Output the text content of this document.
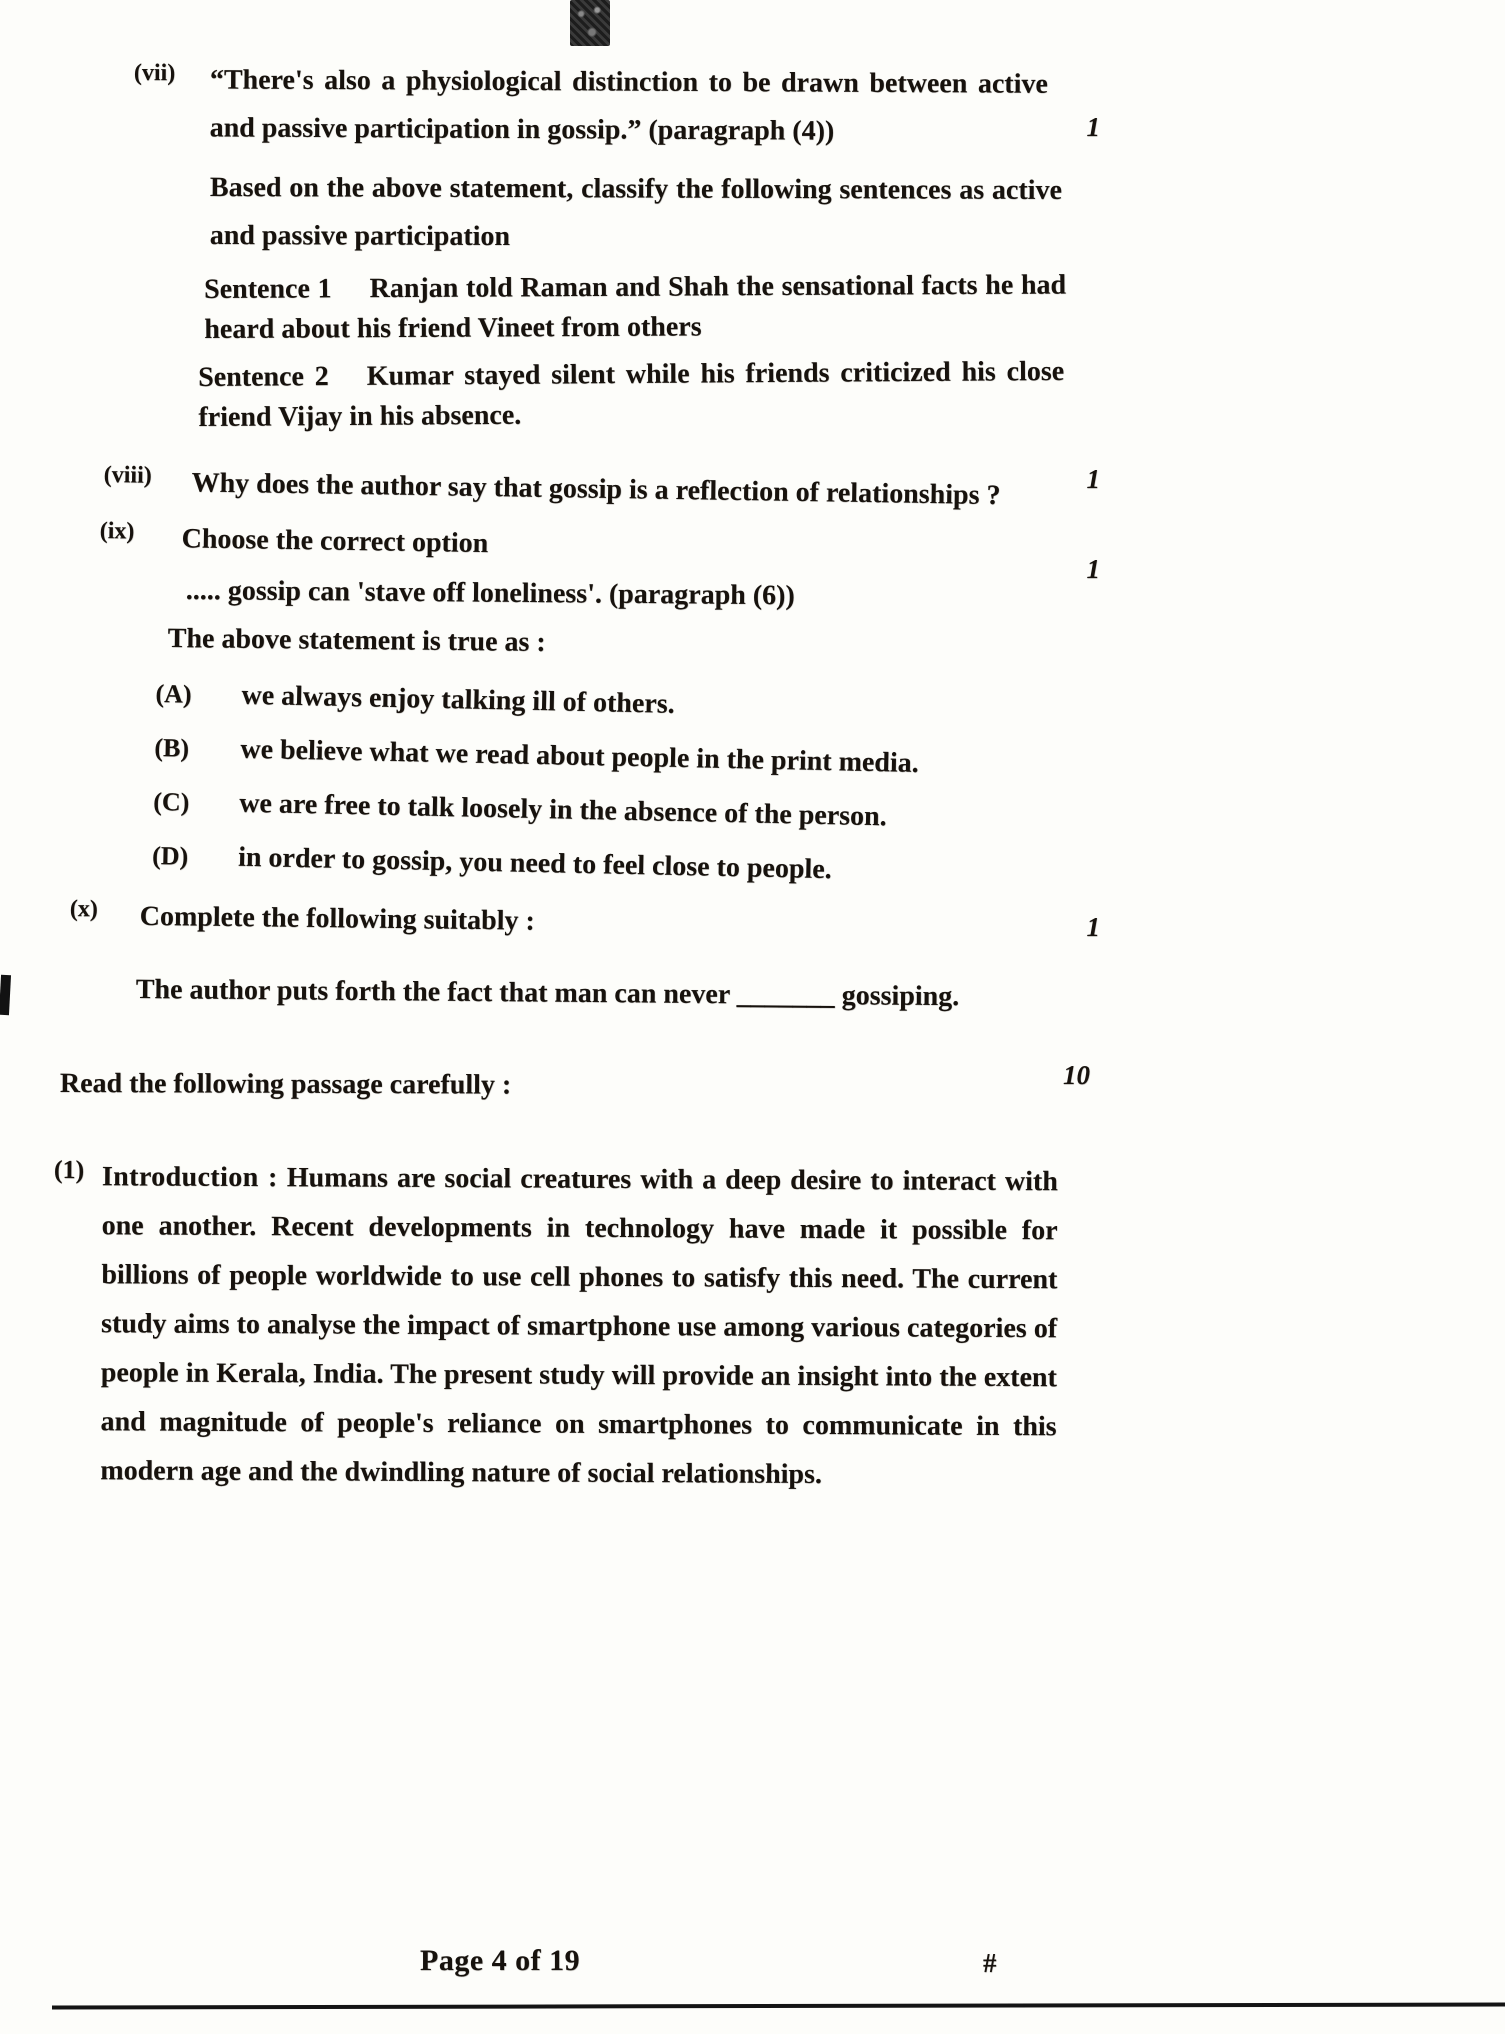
1
(vii)	“There's also a physiological distinction to be drawn between active and passive participation in gossip.” (paragraph (4))
Based on the above statement, classify the following sentences as active and passive participation
Sentence 1 Ranjan told Raman and Shah the sensational facts he had heard about his friend Vineet from others
Sentence 2 Kumar stayed silent while his friends criticized his close friend Vijay in his absence.
1
(viii)	Why does the author say that gossip is a reflection of relationships ?
1
(ix)	Choose the correct option
..... gossip can 'stave off loneliness'. (paragraph (6))
The above statement is true as :
(A)	we always enjoy talking ill of others.
(B)	we believe what we read about people in the print media.
(C)	we are free to talk loosely in the absence of the person.
(D)	in order to gossip, you need to feel close to people.
1
(x)	Complete the following suitably :
The author puts forth the fact that man can never _______ gossiping.
10
Read the following passage carefully :
(1) Introduction : Humans are social creatures with a deep desire to interact with one another. Recent developments in technology have made it possible for billions of people worldwide to use cell phones to satisfy this need. The current study aims to analyse the impact of smartphone use among various categories of people in Kerala, India. The present study will provide an insight into the extent and magnitude of people's reliance on smartphones to communicate in this modern age and the dwindling nature of social relationships.
Page 4 of 19	#
